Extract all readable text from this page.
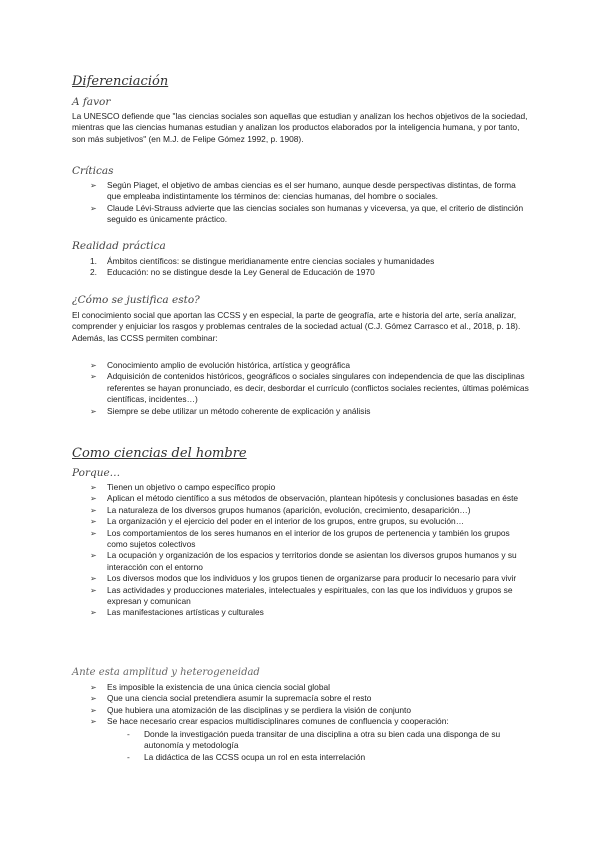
Diferenciación
A favor
La UNESCO defiende que "las ciencias sociales son aquellas que estudian y analizan los hechos objetivos de la sociedad, mientras que las ciencias humanas estudian y analizan los productos elaborados por la inteligencia humana, y por tanto, son más subjetivos" (en M.J. de Felipe Gómez 1992, p. 1908).
Críticas
➢ Según Piaget, el objetivo de ambas ciencias es el ser humano, aunque desde perspectivas distintas, de forma que empleaba indistintamente los términos de: ciencias humanas, del hombre o sociales.
➢ Claude Lévi-Strauss advierte que las ciencias sociales son humanas y viceversa, ya que, el criterio de distinción seguido es únicamente práctico.
Realidad práctica
1. Ámbitos científicos: se distingue meridianamente entre ciencias sociales y humanidades
2. Educación: no se distingue desde la Ley General de Educación de 1970
¿Cómo se justifica esto?
El conocimiento social que aportan las CCSS y en especial, la parte de geografía, arte e historia del arte, sería analizar, comprender y enjuiciar los rasgos y problemas centrales de la sociedad actual (C.J. Gómez Carrasco et al., 2018, p. 18). Además, las CCSS permiten combinar:
➢ Conocimiento amplio de evolución histórica, artística y geográfica
➢ Adquisición de contenidos históricos, geográficos o sociales singulares con independencia de que las disciplinas referentes se hayan pronunciado, es decir, desbordar el currículo (conflictos sociales recientes, últimas polémicas científicas, incidentes…)
➢ Siempre se debe utilizar un método coherente de explicación y análisis
Como ciencias del hombre
Porque…
➢ Tienen un objetivo o campo específico propio
➢ Aplican el método científico a sus métodos de observación, plantean hipótesis y conclusiones basadas en éste
➢ La naturaleza de los diversos grupos humanos (aparición, evolución, crecimiento, desaparición…)
➢ La organización y el ejercicio del poder en el interior de los grupos, entre grupos, su evolución…
➢ Los comportamientos de los seres humanos en el interior de los grupos de pertenencia y también los grupos como sujetos colectivos
➢ La ocupación y organización de los espacios y territorios donde se asientan los diversos grupos humanos y su interacción con el entorno
➢ Los diversos modos que los individuos y los grupos tienen de organizarse para producir lo necesario para vivir
➢ Las actividades y producciones materiales, intelectuales y espirituales, con las que los individuos y grupos se expresan y comunican
➢ Las manifestaciones artísticas y culturales
Ante esta amplitud y heterogeneidad
➢ Es imposible la existencia de una única ciencia social global
➢ Que una ciencia social pretendiera asumir la supremacía sobre el resto
➢ Que hubiera una atomización de las disciplinas y se perdiera la visión de conjunto
➢ Se hace necesario crear espacios multidisciplinares comunes de confluencia y cooperación:
- Donde la investigación pueda transitar de una disciplina a otra su bien cada una disponga de su autonomía y metodología
- La didáctica de las CCSS ocupa un rol en esta interrelación
